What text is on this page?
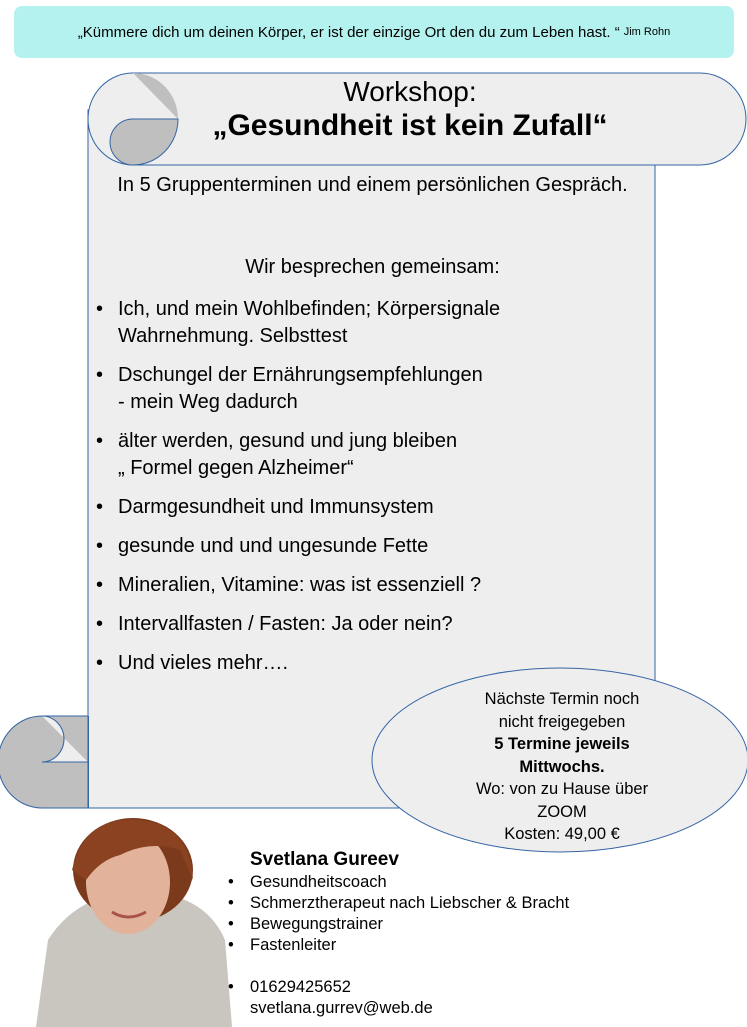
„Kümmere dich um deinen Körper, er ist der einzige Ort den du zum Leben hast. “ Jim Rohn
Workshop:
„Gesundheit ist kein Zufall“
In 5 Gruppenterminen und einem persönlichen Gespräch.
Wir besprechen gemeinsam:
• Ich, und mein Wohlbefinden; Körpersignale
Wahrnehmung. Selbsttest
• Dschungel der Ernährungsempfehlungen
- mein Weg dadurch
• älter werden, gesund und jung bleiben
„ Formel gegen Alzheimer“
• Darmgesundheit und Immunsystem
• gesunde und und ungesunde Fette
• Mineralien, Vitamine: was ist essenziell ?
• Intervallfasten / Fasten: Ja oder nein?
• Und vieles mehr….
Nächste Termin noch nicht freigegeben
5 Termine jeweils Mittwochs.
Wo: von zu Hause über ZOOM
Kosten: 49,00 €
Svetlana Gureev
• Gesundheitscoach
• Schmerztherapeut nach Liebscher & Bracht
• Bewegungstrainer
• Fastenleiter
• 01629425652
svetlana.gurrev@web.de
